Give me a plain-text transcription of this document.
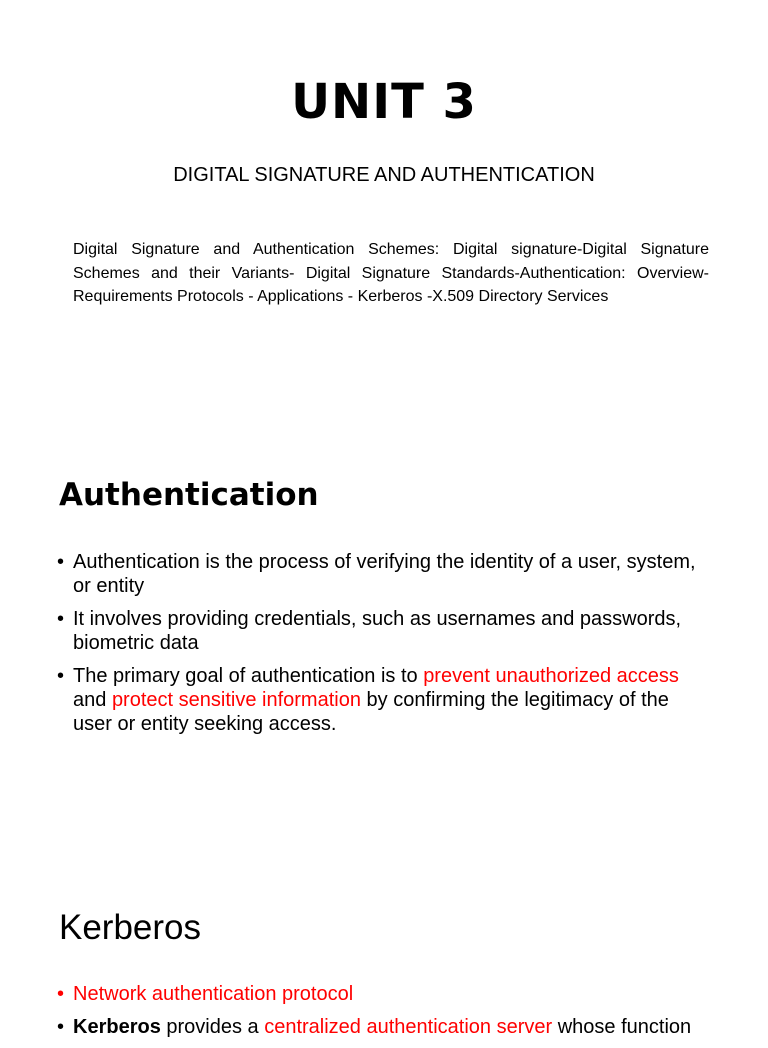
UNIT 3
DIGITAL SIGNATURE AND AUTHENTICATION

Digital Signature and Authentication Schemes: Digital signature-Digital Signature Schemes and their Variants- Digital Signature Standards-Authentication: Overview- Requirements Protocols - Applications - Kerberos -X.509 Directory Services

Authentication
• Authentication is the process of verifying the identity of a user, system, or entity
• It involves providing credentials, such as usernames and passwords, biometric data
• The primary goal of authentication is to prevent unauthorized access and protect sensitive information by confirming the legitimacy of the user or entity seeking access.
Kerberos
• Network authentication protocol
• Kerberos provides a centralized authentication server whose function
